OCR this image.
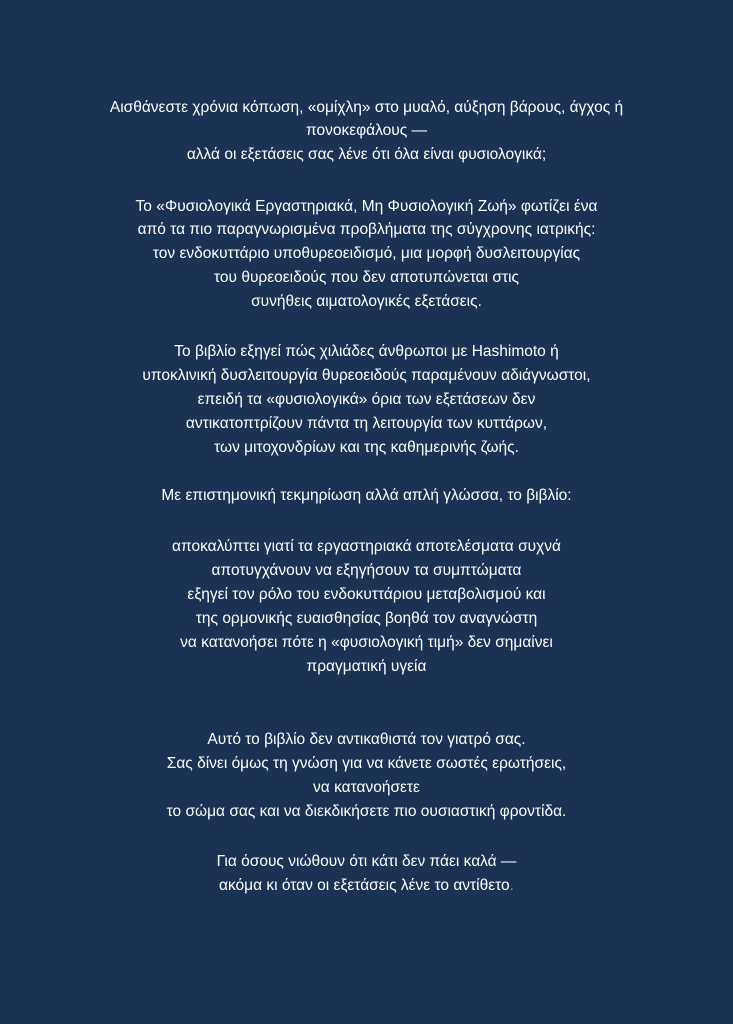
Αισθάνεστε χρόνια κόπωση, «ομίχλη» στο μυαλό, αύξηση βάρους, άγχος ή
πονοκεφάλους —
αλλά οι εξετάσεις σας λένε ότι όλα είναι φυσιολογικά;
Το «Φυσιολογικά Εργαστηριακά, Μη Φυσιολογική Ζωή» φωτίζει ένα
από τα πιο παραγνωρισμένα προβλήματα της σύγχρονης ιατρικής:
τον ενδοκυττάριο υποθυρεοειδισμό, μια μορφή δυσλειτουργίας
του θυρεοειδούς που δεν αποτυπώνεται στις
συνήθεις αιματολογικές εξετάσεις.
Το βιβλίο εξηγεί πώς χιλιάδες άνθρωποι με Hashimoto ή
υποκλινική δυσλειτουργία θυρεοειδούς παραμένουν αδιάγνωστοι,
επειδή τα «φυσιολογικά» όρια των εξετάσεων δεν
αντικατοπτρίζουν πάντα τη λειτουργία των κυττάρων,
των μιτοχονδρίων και της καθημερινής ζωής.
Με επιστημονική τεκμηρίωση αλλά απλή γλώσσα, το βιβλίο:
αποκαλύπτει γιατί τα εργαστηριακά αποτελέσματα συχνά
αποτυγχάνουν να εξηγήσουν τα συμπτώματα
εξηγεί τον ρόλο του ενδοκυττάριου μεταβολισμού και
της ορμονικής ευαισθησίας βοηθά τον αναγνώστη
να κατανοήσει πότε η «φυσιολογική τιμή» δεν σημαίνει
πραγματική υγεία
Αυτό το βιβλίο δεν αντικαθιστά τον γιατρό σας.
Σας δίνει όμως τη γνώση για να κάνετε σωστές ερωτήσεις,
να κατανοήσετε
το σώμα σας και να διεκδικήσετε πιο ουσιαστική φροντίδα.
Για όσους νιώθουν ότι κάτι δεν πάει καλά —
ακόμα κι όταν οι εξετάσεις λένε το αντίθετο.
